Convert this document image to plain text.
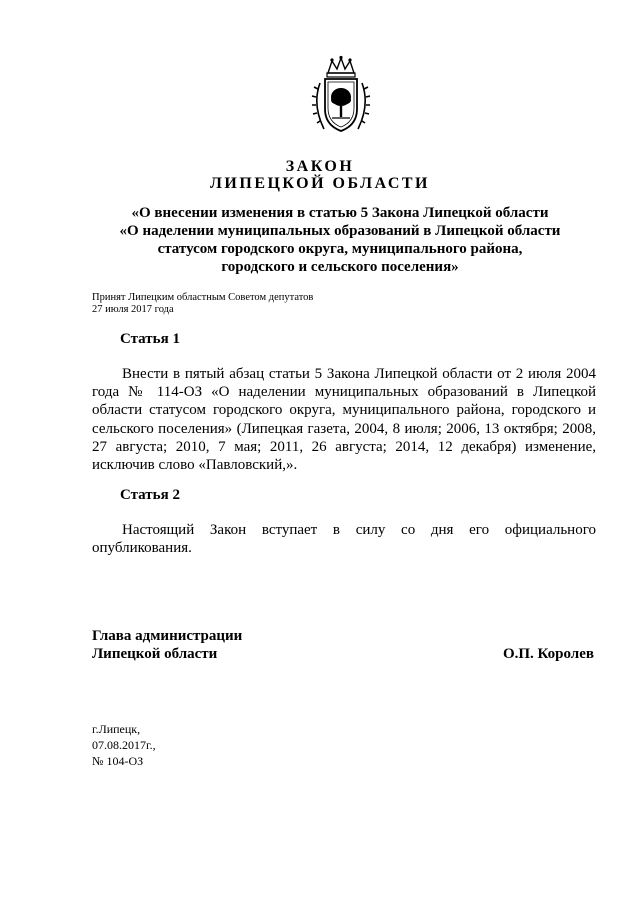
ЗАКОН
ЛИПЕЦКОЙ ОБЛАСТИ
«О внесении изменения в статью 5 Закона Липецкой области
«О наделении муниципальных образований в Липецкой области
статусом городского округа, муниципального района,
городского и сельского поселения»
Принят Липецким областным Советом депутатов
27 июля 2017 года
Статья 1
Внести в пятый абзац статьи 5 Закона Липецкой области от 2 июля 2004
года № 114-ОЗ «О наделении муниципальных образований в Липецкой
области статусом городского округа, муниципального района, городского и
сельского поселения» (Липецкая газета, 2004, 8 июля; 2006, 13 октября; 2008,
27 августа; 2010, 7 мая; 2011, 26 августа; 2014, 12 декабря) изменение,
исключив слово «Павловский,».
Статья 2
Настоящий Закон вступает в силу со дня его официального
опубликования.
Глава администрации
Липецкой области	О.П. Королев
г.Липецк,
07.08.2017г.,
№ 104-ОЗ
